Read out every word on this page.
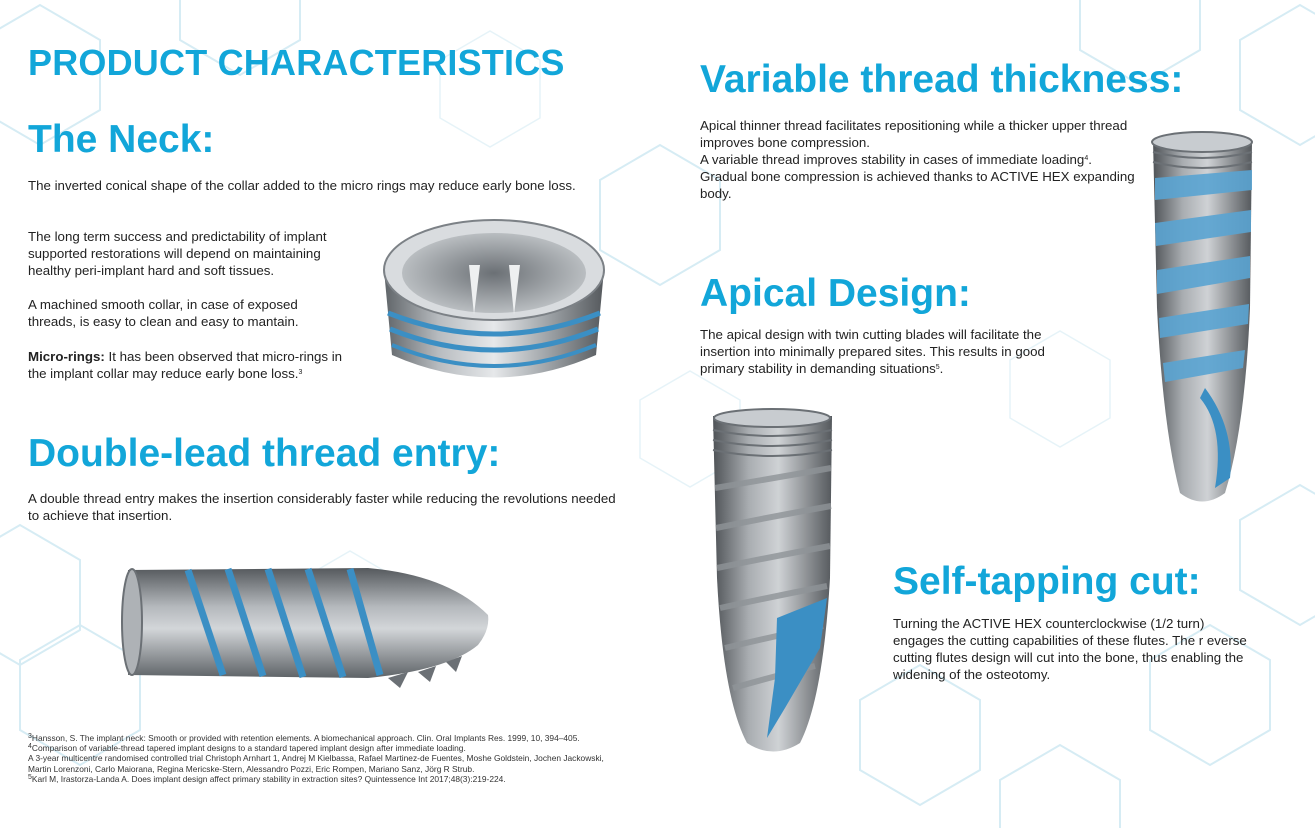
PRODUCT CHARACTERISTICS
The Neck:
The inverted conical shape of the collar added to the micro rings may reduce early bone loss.
The long term success and predictability of implant supported restorations will depend on maintaining healthy peri-implant hard and soft tissues.
A machined smooth collar, in case of exposed threads, is easy to clean and easy to mantain.
Micro-rings: It has been observed that micro-rings in the implant collar may reduce early bone loss.$^3$
Double-lead thread entry:
A double thread entry makes the insertion considerably faster while reducing the revolutions needed to achieve that insertion.

$^3$Hansson, S. The implant neck: Smooth or provided with retention elements. A biomechanical approach. Clin. Oral Implants Res. 1999, 10, 394–405.

$^4$Comparison of variable-thread tapered implant designs to a standard tapered implant design after immediate loading.

A 3-year multicentre randomised controlled trial Christoph Arnhart 1, Andrej M Kielbassa, Rafael Martinez-de Fuentes, Moshe Goldstein, Jochen Jackowski, Martin Lorenzoni, Carlo Maiorana, Regina Mericske-Stern, Alessandro Pozzi, Eric Rompen, Mariano Sanz, Jörg R Strub.

$^5$Karl M, Irastorza-Landa A. Does implant design affect primary stability in extraction sites? Quintessence Int 2017;48(3):219-224.

Variable thread thickness:
Apical thinner thread facilitates repositioning while a thicker upper thread improves bone compression.
A variable thread improves stability in cases of immediate loading$^4$.
Gradual bone compression is achieved thanks to ACTIVE HEX expanding body.
Apical Design:
The apical design with twin cutting blades will facilitate the insertion into minimally prepared sites. This results in good primary stability in demanding situations$^5$.
Self-tapping cut:
Turning the ACTIVE HEX counterclockwise (1/2 turn) engages the cutting capabilities of these flutes. The r everse cutting flutes design will cut into the bone, thus enabling the widening of the osteotomy.
